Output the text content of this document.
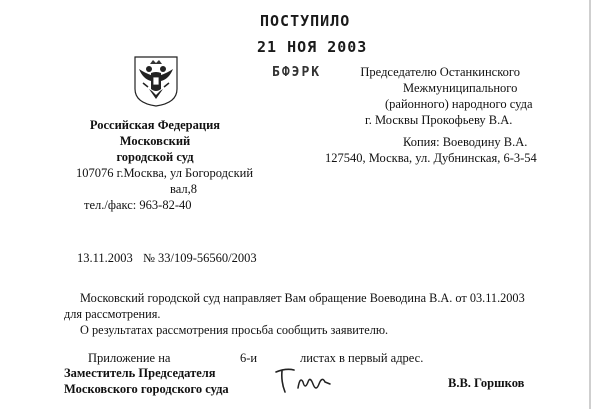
ПОСТУПИЛО
21 НОЯ 2003
БФЭРК
Российская Федерация
Московский
городской суд
107076 г.Москва, ул Богородский
вал,8
тел./факс: 963-82-40
Председателю Останкинского
Межмуниципального
(районного) народного суда
г. Москвы Прокофьеву В.А.
Копия: Воеводину В.А.
127540, Москва, ул. Дубнинская, 6-3-54
13.11.2003 № 33/109-56560/2003
Московский городской суд направляет Вам обращение Воеводина В.А. от 03.11.2003
для рассмотрения.
О результатах рассмотрения просьба сообщить заявителю.
Приложение на	6-и	листах в первый адрес.
Заместитель Председателя
Московского городского суда	В.В. Горшков
